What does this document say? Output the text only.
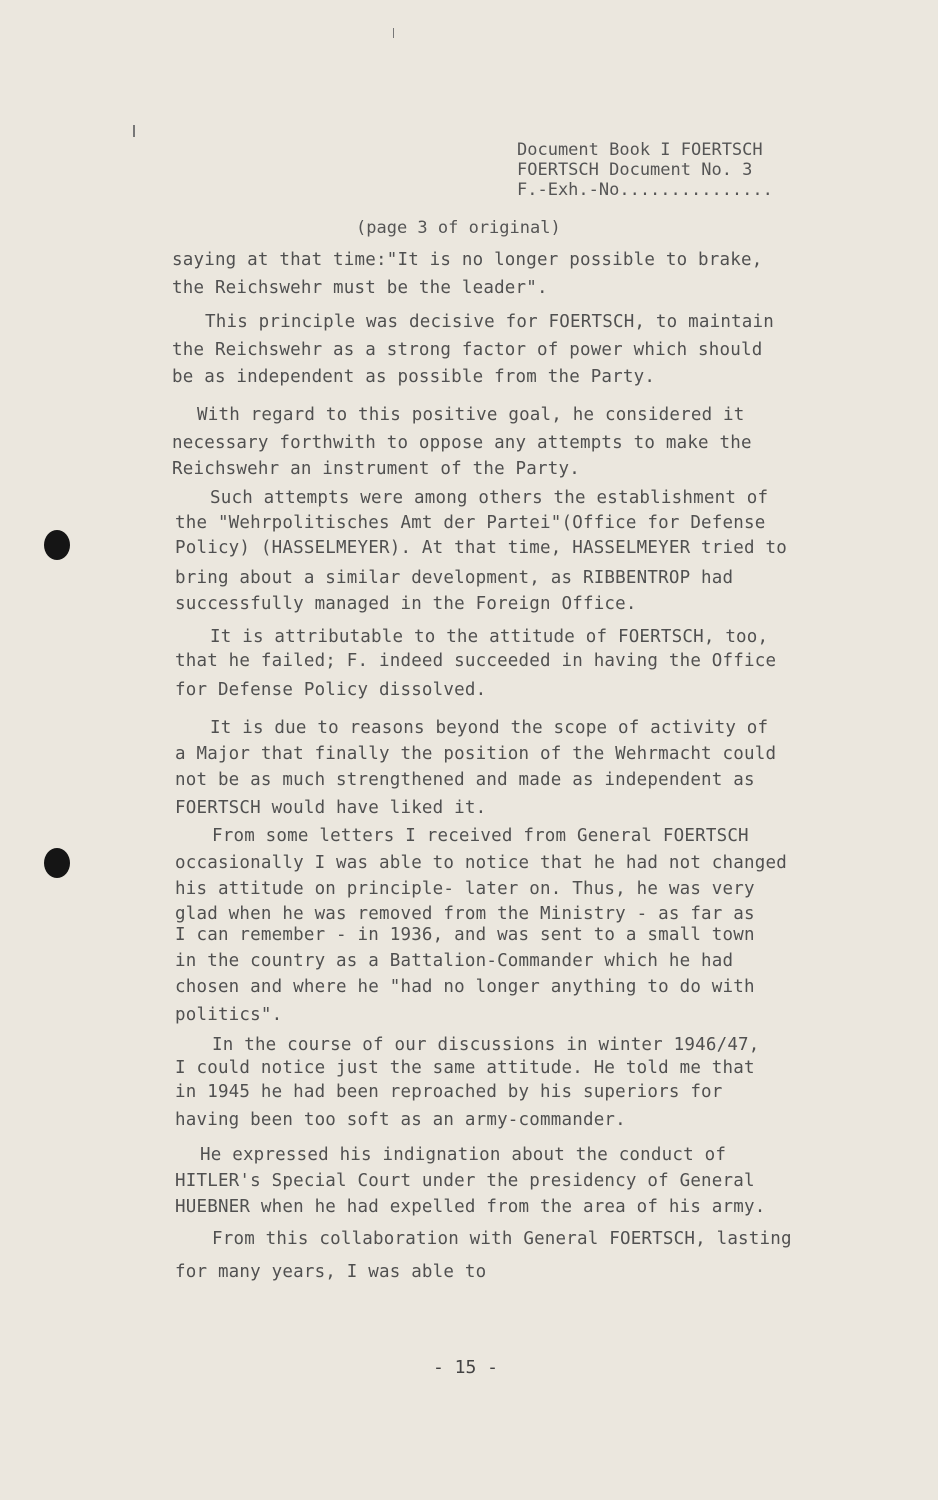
Document Book I FOERTSCH
FOERTSCH Document No. 3
F.-Exh.-No...............
(page 3 of original)
saying at that time:"It is no longer possible to brake,
the Reichswehr must be the leader".
This principle was decisive for FOERTSCH, to maintain
the Reichswehr as a strong factor of power which should
be as independent as possible from the Party.
With regard to this positive goal, he considered it
necessary forthwith to oppose any attempts to make the
Reichswehr an instrument of the Party.
Such attempts were among others the establishment of
the "Wehrpolitisches Amt der Partei"(Office for Defense
Policy) (HASSELMEYER). At that time, HASSELMEYER tried to
bring about a similar development, as RIBBENTROP had
successfully managed in the Foreign Office.
It is attributable to the attitude of FOERTSCH, too,
that he failed; F. indeed succeeded in having the Office
for Defense Policy dissolved.
It is due to reasons beyond the scope of activity of
a Major that finally the position of the Wehrmacht could
not be as much strengthened and made as independent as
FOERTSCH would have liked it.
From some letters I received from General FOERTSCH
occasionally I was able to notice that he had not changed
his attitude on principle- later on. Thus, he was very
glad when he was removed from the Ministry - as far as
I can remember - in 1936, and was sent to a small town
in the country as a Battalion-Commander which he had
chosen and where he "had no longer anything to do with
politics".
In the course of our discussions in winter 1946/47,
I could notice just the same attitude. He told me that
in 1945 he had been reproached by his superiors for
having been too soft as an army-commander.
He expressed his indignation about the conduct of
HITLER's Special Court under the presidency of General
HUEBNER when he had expelled from the area of his army.
From this collaboration with General FOERTSCH, lasting
for many years, I was able to
- 15 -
